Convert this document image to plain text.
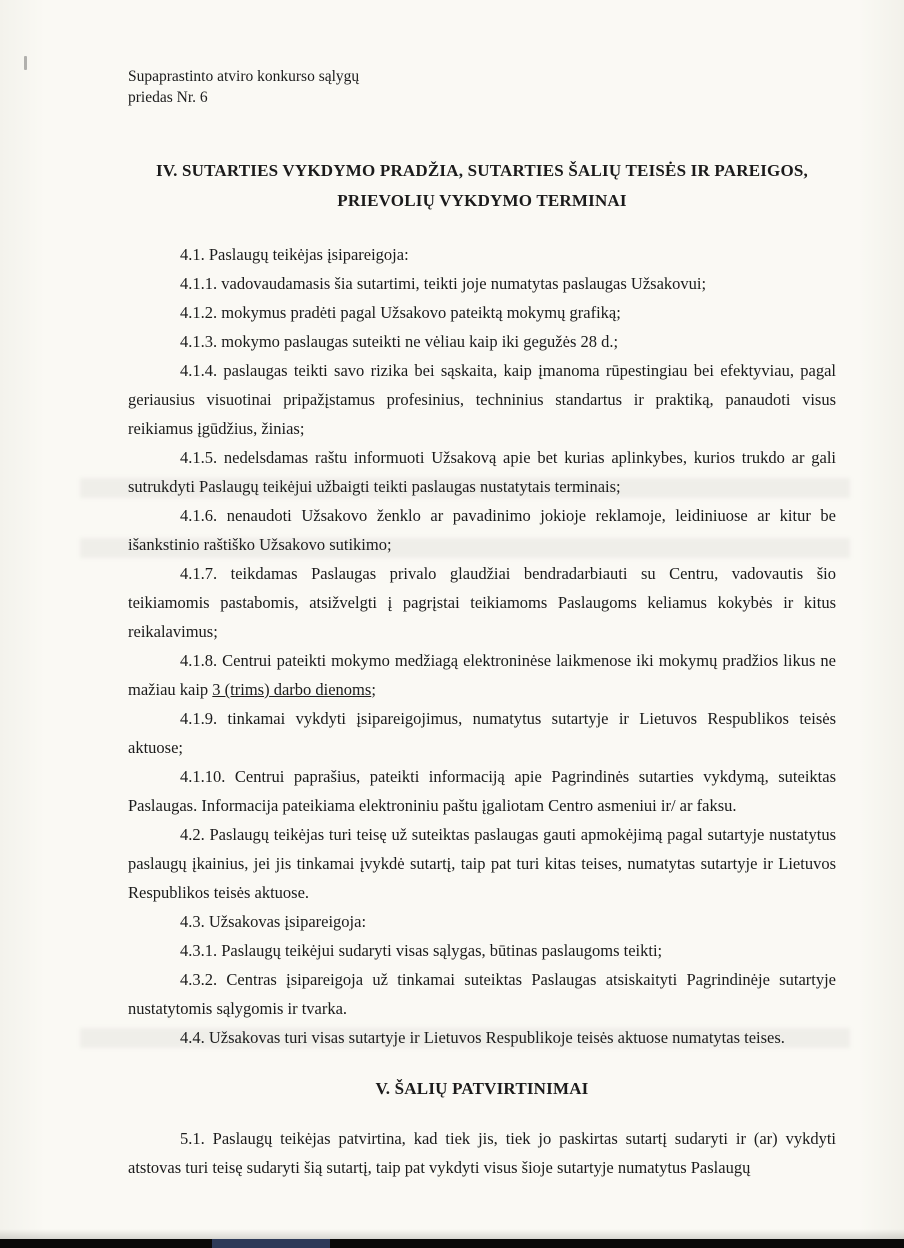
Supaprastinto atviro konkurso sąlygų
priedas Nr. 6
IV. SUTARTIES VYKDYMO PRADŽIA, SUTARTIES ŠALIŲ TEISĖS IR PAREIGOS,
PRIEVOLIŲ VYKDYMO TERMINAI

4.1. Paslaugų teikėjas įsipareigoja:

4.1.1. vadovaudamasis šia sutartimi, teikti joje numatytas paslaugas Užsakovui;

4.1.2. mokymus pradėti pagal Užsakovo pateiktą mokymų grafiką;

4.1.3. mokymo paslaugas suteikti ne vėliau kaip iki gegužės 28 d.;

4.1.4. paslaugas teikti savo rizika bei sąskaita, kaip įmanoma rūpestingiau bei efektyviau, pagal geriausius visuotinai pripažįstamus profesinius, techninius standartus ir praktiką, panaudoti visus reikiamus įgūdžius, žinias;

4.1.5. nedelsdamas raštu informuoti Užsakovą apie bet kurias aplinkybes, kurios trukdo ar gali sutrukdyti Paslaugų teikėjui užbaigti teikti paslaugas nustatytais terminais;

4.1.6. nenaudoti Užsakovo ženklo ar pavadinimo jokioje reklamoje, leidiniuose ar kitur be išankstinio raštiško Užsakovo sutikimo;

4.1.7. teikdamas Paslaugas privalo glaudžiai bendradarbiauti su Centru, vadovautis šio teikiamomis pastabomis, atsižvelgti į pagrįstai teikiamoms Paslaugoms keliamus kokybės ir kitus reikalavimus;

4.1.8. Centrui pateikti mokymo medžiagą elektroninėse laikmenose iki mokymų pradžios likus ne mažiau kaip 3 (trims) darbo dienoms;

4.1.9. tinkamai vykdyti įsipareigojimus, numatytus sutartyje ir Lietuvos Respublikos teisės aktuose;

4.1.10. Centrui paprašius, pateikti informaciją apie Pagrindinės sutarties vykdymą, suteiktas Paslaugas. Informacija pateikiama elektroniniu paštu įgaliotam Centro asmeniui ir/ ar faksu.

4.2. Paslaugų teikėjas turi teisę už suteiktas paslaugas gauti apmokėjimą pagal sutartyje nustatytus paslaugų įkainius, jei jis tinkamai įvykdė sutartį, taip pat turi kitas teises, numatytas sutartyje ir Lietuvos Respublikos teisės aktuose.

4.3. Užsakovas įsipareigoja:

4.3.1. Paslaugų teikėjui sudaryti visas sąlygas, būtinas paslaugoms teikti;

4.3.2. Centras įsipareigoja už tinkamai suteiktas Paslaugas atsiskaityti Pagrindinėje sutartyje nustatytomis sąlygomis ir tvarka.

4.4. Užsakovas turi visas sutartyje ir Lietuvos Respublikoje teisės aktuose numatytas teises.

V. ŠALIŲ PATVIRTINIMAI

5.1. Paslaugų teikėjas patvirtina, kad tiek jis, tiek jo paskirtas sutartį sudaryti ir (ar) vykdyti atstovas turi teisę sudaryti šią sutartį, taip pat vykdyti visus šioje sutartyje numatytus Paslaugų
